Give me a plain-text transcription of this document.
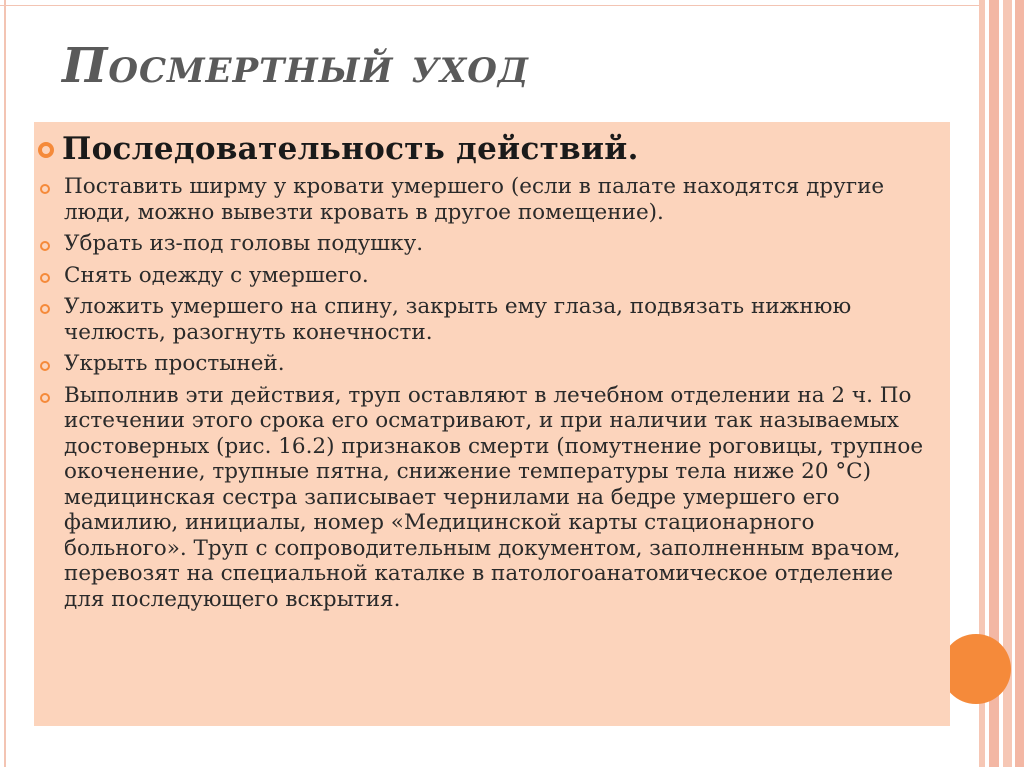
Посмертный уход
Последовательность действий.
Поставить ширму у кровати умершего (если в палате находятся другие люди, можно вывезти кровать в другое помещение).
Убрать из-под головы подушку.
Снять одежду с умершего.
Уложить умершего на спину, закрыть ему глаза, подвязать нижнюю челюсть, разогнуть конечности.
Укрыть простыней.
Выполнив эти действия, труп оставляют в лечебном отделении на 2 ч. По истечении этого срока его осматривают, и при наличии так называемых достоверных (рис. 16.2) признаков смерти (помутнение роговицы, трупное окоченение, трупные пятна, снижение температуры тела ниже 20 °С) медицинская сестра записывает чернилами на бедре умершего его фамилию, инициалы, номер «Медицинской карты стационарного больного». Труп с сопроводительным документом, заполненным врачом, перевозят на специальной каталке в патологоанатомическое отделение для последующего вскрытия.
